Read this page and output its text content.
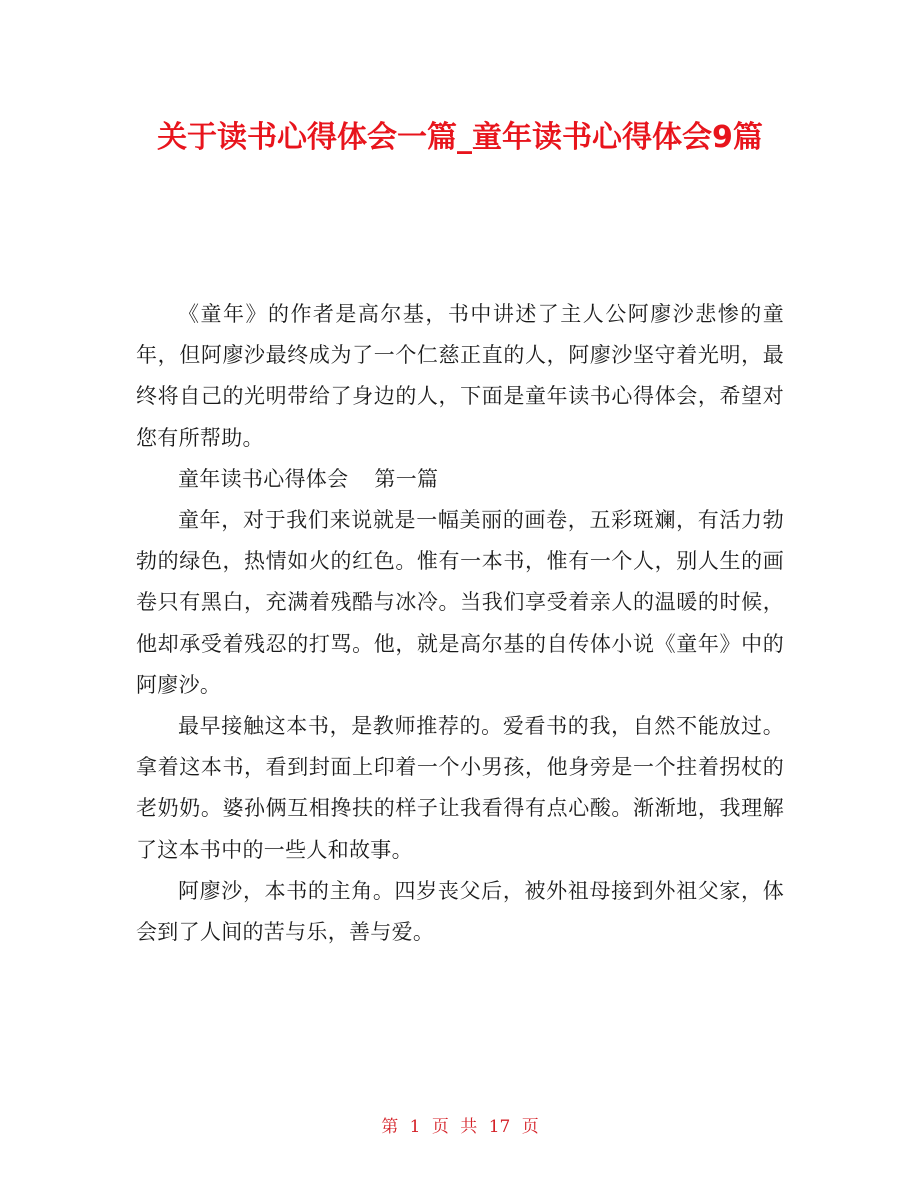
关于读书心得体会一篇_童年读书心得体会9篇

《童年》的作者是高尔基，书中讲述了主人公阿廖沙悲惨的童年，但阿廖沙最终成为了一个仁慈正直的人，阿廖沙坚守着光明，最终将自己的光明带给了身边的人，下面是童年读书心得体会，希望对您有所帮助。

童年读书心得体会 第一篇

童年，对于我们来说就是一幅美丽的画卷，五彩斑斓，有活力勃勃的绿色，热情如火的红色。惟有一本书，惟有一个人，别人生的画卷只有黑白，充满着残酷与冰冷。当我们享受着亲人的温暖的时候，他却承受着残忍的打骂。他，就是高尔基的自传体小说《童年》中的阿廖沙。

最早接触这本书，是教师推荐的。爱看书的我，自然不能放过。拿着这本书，看到封面上印着一个小男孩，他身旁是一个拄着拐杖的老奶奶。婆孙俩互相搀扶的样子让我看得有点心酸。渐渐地，我理解了这本书中的一些人和故事。

阿廖沙，本书的主角。四岁丧父后，被外祖母接到外祖父家，体会到了人间的苦与乐，善与爱。

第 1 页 共 17 页
